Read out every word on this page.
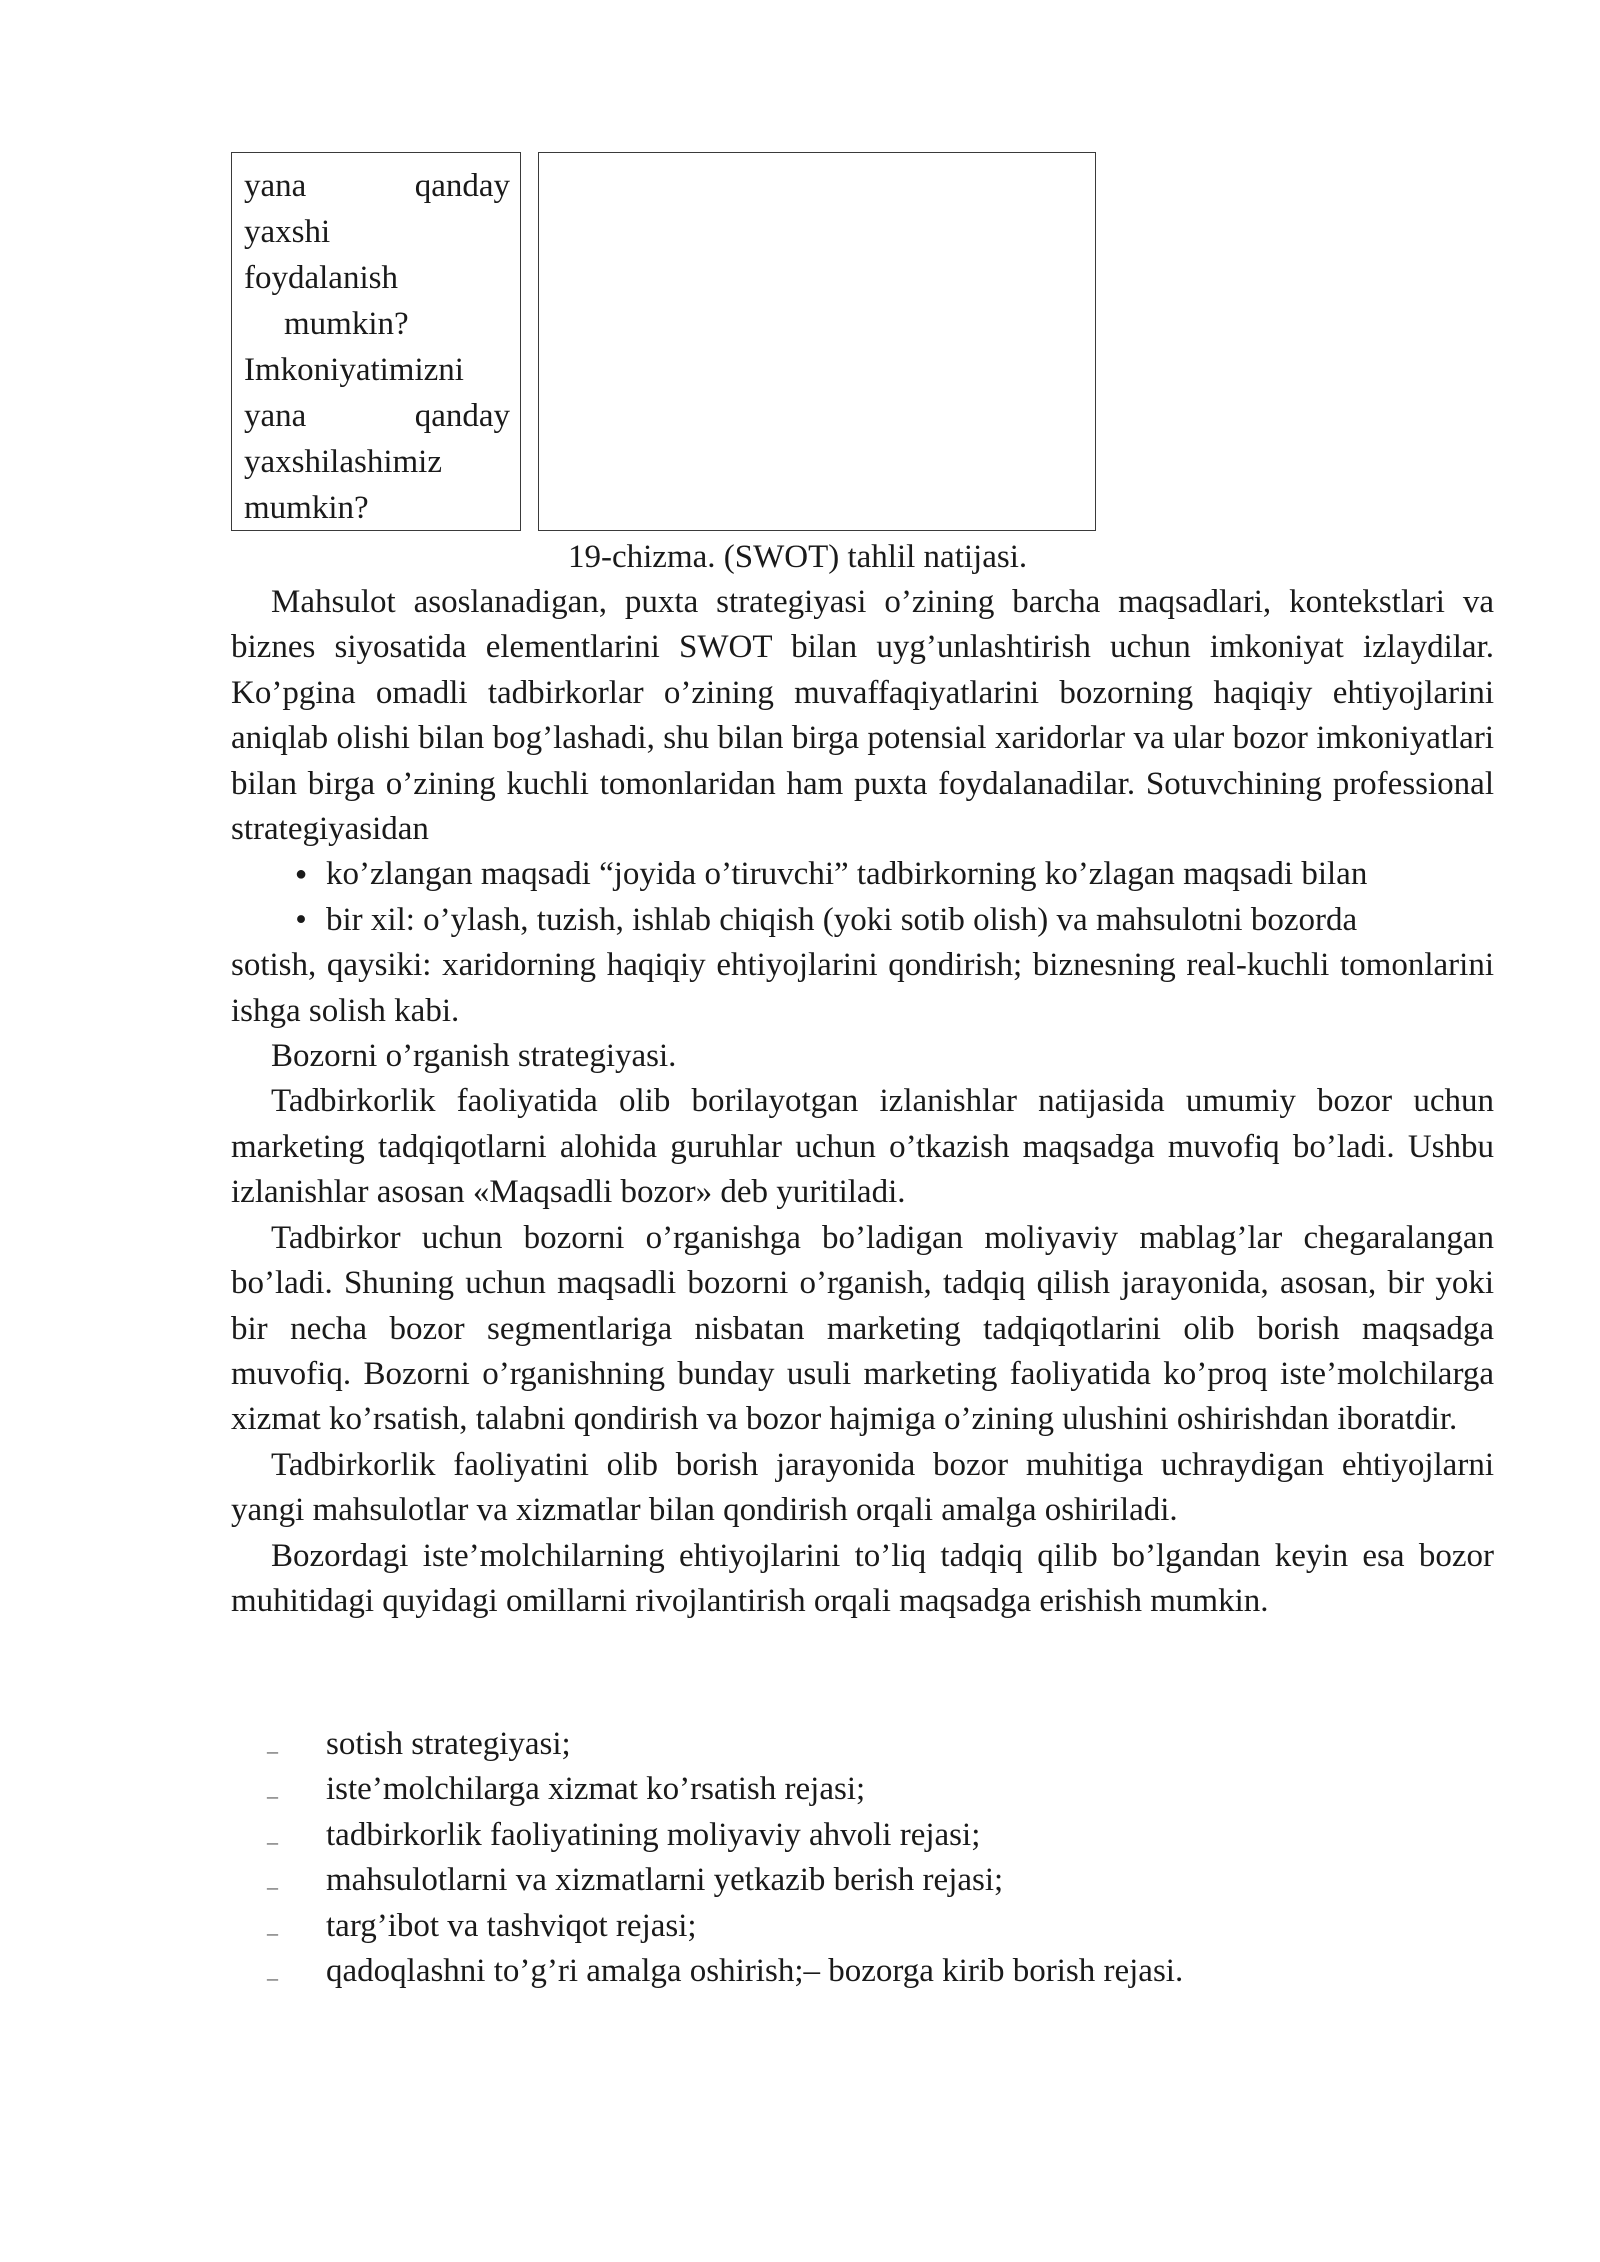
yana	qanday
yaxshi
foydalanish
mumkin?
Imkoniyatimizni
yana	qanday
yaxshilashimiz
mumkin?
19-chizma. (SWOT) tahlil natijasi.

Mahsulot asoslanadigan, puxta strategiyasi o’zining barcha maqsadlari, kontekstlari va biznes siyosatida elementlarini SWOT bilan uyg’unlashtirish uchun imkoniyat izlaydilar. Ko’pgina omadli tadbirkorlar o’zining muvaffaqiyatlarini bozorning haqiqiy ehtiyojlarini aniqlab olishi bilan bog’lashadi, shu bilan birga potensial xaridorlar va ular bozor imkoniyatlari bilan birga o’zining kuchli tomonlaridan ham puxta foydalanadilar. Sotuvchining professional strategiyasidan

● ko’zlangan maqsadi “joyida o’tiruvchi” tadbirkorning ko’zlagan maqsadi bilan

• bir xil: o’ylash, tuzish, ishlab chiqish (yoki sotib olish) va mahsulotni bozorda

sotish, qaysiki: xaridorning haqiqiy ehtiyojlarini qondirish; biznesning real-kuchli tomonlarini ishga solish kabi.

Bozorni o’rganish strategiyasi.

Tadbirkorlik faoliyatida olib borilayotgan izlanishlar natijasida umumiy bozor uchun marketing tadqiqotlarni alohida guruhlar uchun o’tkazish maqsadga muvofiq bo’ladi. Ushbu izlanishlar asosan «Maqsadli bozor» deb yuritiladi.

Tadbirkor uchun bozorni o’rganishga bo’ladigan moliyaviy mablag’lar chegaralangan bo’ladi. Shuning uchun maqsadli bozorni o’rganish, tadqiq qilish jarayonida, asosan, bir yoki bir necha bozor segmentlariga nisbatan marketing tadqiqotlarini olib borish maqsadga muvofiq. Bozorni o’rganishning bunday usuli marketing faoliyatida ko’proq iste’molchilarga xizmat ko’rsatish, talabni qondirish va bozor hajmiga o’zining ulushini oshirishdan iboratdir.

Tadbirkorlik faoliyatini olib borish jarayonida bozor muhitiga uchraydigan ehtiyojlarni yangi mahsulotlar va xizmatlar bilan qondirish orqali amalga oshiriladi.

Bozordagi iste’molchilarning ehtiyojlarini to’liq tadqiq qilib bo’lgandan keyin esa bozor muhitidagi quyidagi omillarni rivojlantirish orqali maqsadga erishish mumkin.

– sotish strategiyasi;
– iste’molchilarga xizmat ko’rsatish rejasi;
– tadbirkorlik faoliyatining moliyaviy ahvoli rejasi;
– mahsulotlarni va xizmatlarni yetkazib berish rejasi;
– targ’ibot va tashviqot rejasi;
– qadoqlashni to’g’ri amalga oshirish;– bozorga kirib borish rejasi.
